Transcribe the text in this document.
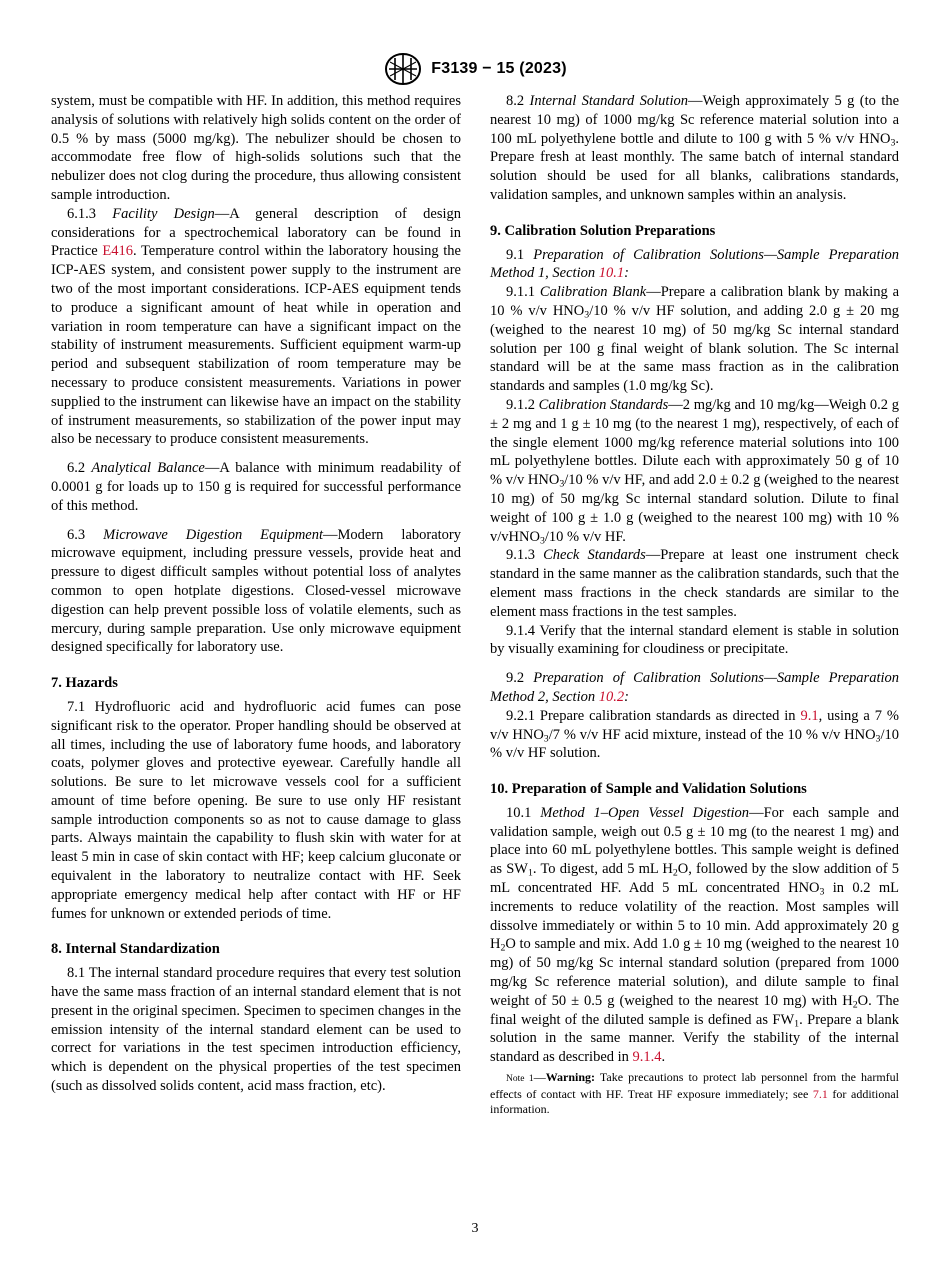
F3139 − 15 (2023)

system, must be compatible with HF. In addition, this method requires analysis of solutions with relatively high solids content on the order of 0.5 % by mass (5000 mg/kg). The nebulizer should be chosen to accommodate free flow of high-solids solutions such that the nebulizer does not clog during the procedure, thus allowing consistent sample introduction.

6.1.3 Facility Design—A general description of design considerations for a spectrochemical laboratory can be found in Practice E416. Temperature control within the laboratory housing the ICP-AES system, and consistent power supply to the instrument are two of the most important considerations. ICP-AES equipment tends to produce a significant amount of heat while in operation and variation in room temperature can have a significant impact on the stability of instrument measurements. Sufficient equipment warm-up period and subsequent stabilization of room temperature may be necessary to produce consistent measurements. Variations in power supplied to the instrument can likewise have an impact on the stability of instrument measurements, so stabilization of the power input may also be necessary to produce consistent measurements.

6.2 Analytical Balance—A balance with minimum readability of 0.0001 g for loads up to 150 g is required for successful performance of this method.

6.3 Microwave Digestion Equipment—Modern laboratory microwave equipment, including pressure vessels, provide heat and pressure to digest difficult samples without potential loss of analytes common to open hotplate digestions. Closed-vessel microwave digestion can help prevent possible loss of volatile elements, such as mercury, during sample preparation. Use only microwave equipment designed specifically for laboratory use.

7. Hazards

7.1 Hydrofluoric acid and hydrofluoric acid fumes can pose significant risk to the operator. Proper handling should be observed at all times, including the use of laboratory fume hoods, and laboratory coats, polymer gloves and protective eyewear. Carefully handle all solutions. Be sure to let microwave vessels cool for a sufficient amount of time before opening. Be sure to use only HF resistant sample introduction components so as not to cause damage to glass parts. Always maintain the capability to flush skin with water for at least 5 min in case of skin contact with HF; keep calcium gluconate or equivalent in the laboratory to neutralize contact with HF. Seek appropriate emergency medical help after contact with HF or HF fumes for unknown or extended periods of time.

8. Internal Standardization

8.1 The internal standard procedure requires that every test solution have the same mass fraction of an internal standard element that is not present in the original specimen. Specimen to specimen changes in the emission intensity of the internal standard element can be used to correct for variations in the test specimen introduction efficiency, which is dependent on the physical properties of the test specimen (such as dissolved solids content, acid mass fraction, etc).

8.2 Internal Standard Solution—Weigh approximately 5 g (to the nearest 10 mg) of 1000 mg/kg Sc reference material solution into a 100 mL polyethylene bottle and dilute to 100 g with 5 % v/v $HNO_3$. Prepare fresh at least monthly. The same batch of internal standard solution should be used for all blanks, calibrations standards, validation samples, and unknown samples within an analysis.

9. Calibration Solution Preparations

9.1 Preparation of Calibration Solutions—Sample Preparation Method 1, Section 10.1:

9.1.1 Calibration Blank—Prepare a calibration blank by making a 10 % v/v $HNO_3/10$ % v/v HF solution, and adding 2.0 g ± 20 mg (weighed to the nearest 10 mg) of 50 mg/kg Sc internal standard solution per 100 g final weight of blank solution. The Sc internal standard will be at the same mass fraction as in the calibration standards and samples (1.0 mg/kg Sc).

9.1.2 Calibration Standards—2 mg/kg and 10 mg/kg—Weigh 0.2 g ± 2 mg and 1 g ± 10 mg (to the nearest 1 mg), respectively, of each of the single element 1000 mg/kg reference material solutions into 100 mL polyethylene bottles. Dilute each with approximately 50 g of 10 % v/v $HNO_3/10$ % v/v HF, and add 2.0 ± 0.2 g (weighed to the nearest 10 mg) of 50 mg/kg Sc internal standard solution. Dilute to final weight of 100 g ± 1.0 g (weighed to the nearest 100 mg) with 10 % v/vHNO$_3$/10 % v/v HF.

9.1.3 Check Standards—Prepare at least one instrument check standard in the same manner as the calibration standards, such that the element mass fractions in the check standards are similar to the element mass fractions in the test samples.

9.1.4 Verify that the internal standard element is stable in solution by visually examining for cloudiness or precipitate.

9.2 Preparation of Calibration Solutions—Sample Preparation Method 2, Section 10.2:

9.2.1 Prepare calibration standards as directed in 9.1, using a 7 % v/v $HNO_3/7$ % v/v HF acid mixture, instead of the 10 % v/v $HNO_3/10$ % v/v HF solution.

10. Preparation of Sample and Validation Solutions

10.1 Method 1–Open Vessel Digestion—For each sample and validation sample, weigh out 0.5 g ± 10 mg (to the nearest 1 mg) and place into 60 mL polyethylene bottles. This sample weight is defined as $SW_1$. To digest, add 5 mL $H_2O$, followed by the slow addition of 5 mL concentrated HF. Add 5 mL concentrated $HNO_3$ in 0.2 mL increments to reduce volatility of the reaction. Most samples will dissolve immediately or within 5 to 10 min. Add approximately 20 g $H_2O$ to sample and mix. Add 1.0 g ± 10 mg (weighed to the nearest 10 mg) of 50 mg/kg Sc internal standard solution (prepared from 1000 mg/kg Sc reference material solution), and dilute sample to final weight of 50 ± 0.5 g (weighed to the nearest 10 mg) with $H_2O$. The final weight of the diluted sample is defined as $FW_1$. Prepare a blank solution in the same manner. Verify the stability of the internal standard as described in 9.1.4.

Note 1—Warning: Take precautions to protect lab personnel from the harmful effects of contact with HF. Treat HF exposure immediately; see 7.1 for additional information.

3
